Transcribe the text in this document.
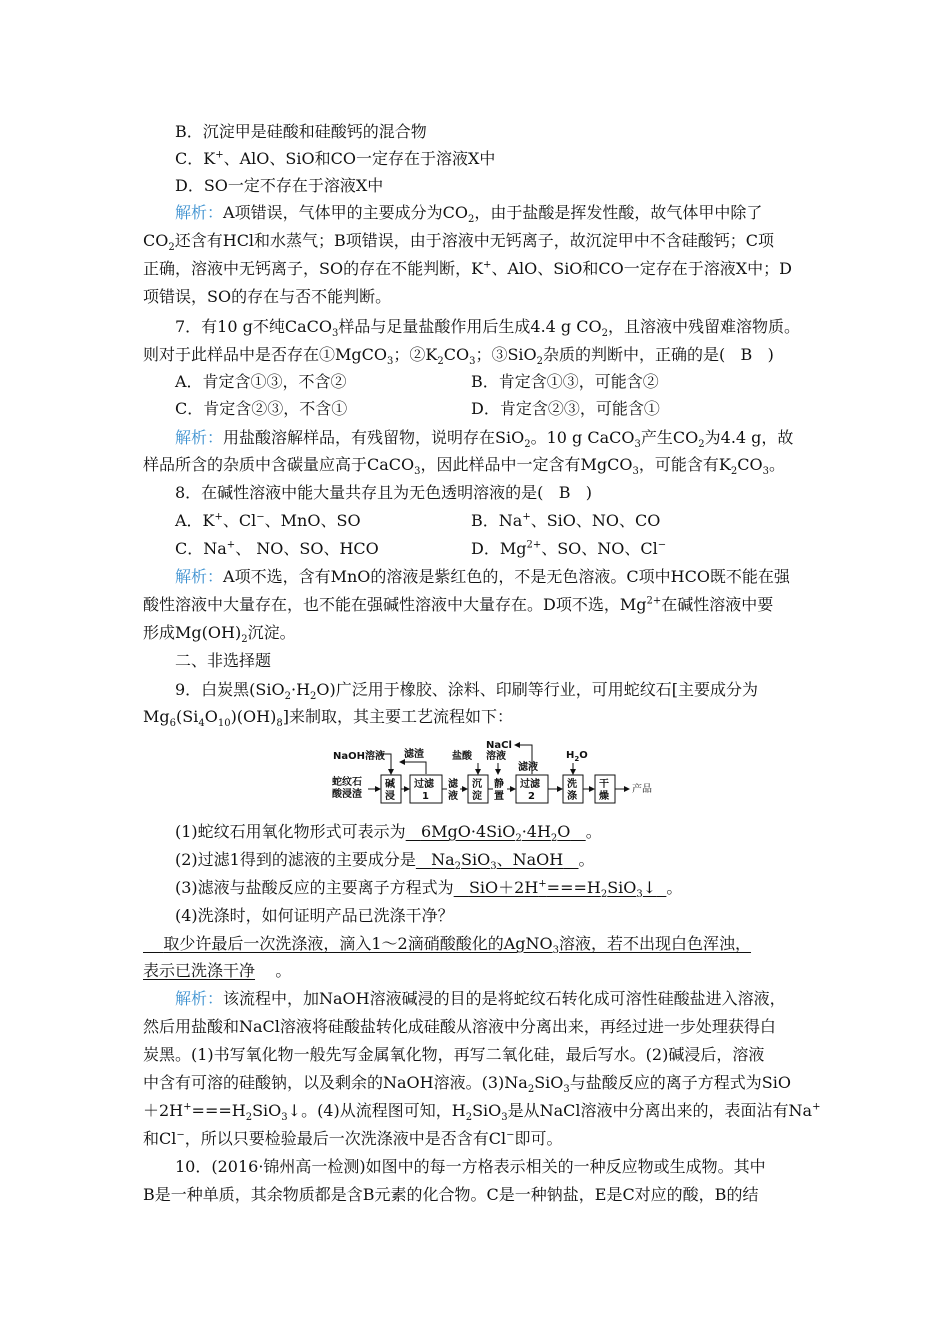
B．沉淀甲是硅酸和硅酸钙的混合物
C．K+、AlO、SiO和CO一定存在于溶液X中
D．SO一定不存在于溶液X中
解析：A项错误，气体甲的主要成分为$CO_2$，由于盐酸是挥发性酸，故气体甲中除了
$CO_2$还含有HCl和水蒸气；B项错误，由于溶液中无钙离子，故沉淀甲中不含硅酸钙；C项
正确，溶液中无钙离子，SO的存在不能判断，K+、AlO、SiO和CO一定存在于溶液X中；D
项错误，SO的存在与否不能判断。
7．有10 g不纯CaCO$_3$样品与足量盐酸作用后生成4.4 g $CO_2$，且溶液中残留难溶物质。
则对于此样品中是否存在①MgCO$_3$；$②K_2CO_3$；③SiO$_2$杂质的判断中，正确的是( B )
A．肯定含①③，不含②	B．肯定含①③，可能含②
C．肯定含②③，不含①	D．肯定含②③，可能含①
解析：用盐酸溶解样品，有残留物，说明存在SiO$_2$。10 g CaCO$_3$产生$CO_2$为4.4 g，故
样品所含的杂质中含碳量应高于CaCO$_3$，因此样品中一定含有MgCO$_3$，可能含有$K_2CO_3$。
8．在碱性溶液中能大量共存且为无色透明溶液的是( B )
A．K+、Cl−、MnO、SO	B．Na+、SiO、NO、CO
C．Na+、 NO、SO、HCO	D．$Mg^{2+}$、SO、NO、Cl−
解析：A项不选，含有MnO的溶液是紫红色的，不是无色溶液。C项中HCO既不能在强
酸性溶液中大量存在，也不能在强碱性溶液中大量存在。D项不选，$Mg^{2+}$在碱性溶液中要
形成$Mg(OH)_2$沉淀。
二、非选择题
9．白炭黑$(SiO_2\cdot H_2O)$广泛用于橡胶、涂料、印刷等行业，可用蛇纹石[主要成分为
$Mg_6(Si_4O_{10})(OH)_8$]来制取，其主要工艺流程如下：
NaOH溶液 滤渣	盐酸
NaCl
溶液
滤液
$H_2O$
蛇纹石
酸浸渣
碱
浸
过滤
1
滤
液
沉
淀
静
置
过滤
2
洗
涤
干
燥
产品
(1)蛇纹石用氧化物形式可表示为 $6MgO\cdot 4SiO_2\cdot 4H_2O$ 。
(2)过滤1得到的滤液的主要成分是 $Na_2SiO_3$、NaOH 。
(3)滤液与盐酸反应的主要离子方程式为 $SiO+2H^+===H_2SiO_3↓$ 。
(4)洗涤时，如何证明产品已洗涤干净？
取少许最后一次洗涤液，滴入1～2滴硝酸酸化的AgNO$_3$溶液，若不出现白色浑浊，
表示已洗涤干净 。
解析：该流程中，加NaOH溶液碱浸的目的是将蛇纹石转化成可溶性硅酸盐进入溶液，
然后用盐酸和NaCl溶液将硅酸盐转化成硅酸从溶液中分离出来，再经过进一步处理获得白
炭黑。(1)书写氧化物一般先写金属氧化物，再写二氧化硅，最后写水。(2)碱浸后，溶液
中含有可溶的硅酸钠，以及剩余的NaOH溶液。$(3)Na_2SiO_3$与盐酸反应的离子方程式为SiO
$+2H^+===H_2SiO_3↓$。(4)从流程图可知，$H_2SiO_3$是从NaCl溶液中分离出来的，表面沾有Na+
和Cl−，所以只要检验最后一次洗涤液中是否含有Cl−即可。
10．(2016·锦州高一检测)如图中的每一方格表示相关的一种反应物或生成物。其中
B是一种单质，其余物质都是含B元素的化合物。C是一种钠盐，E是C对应的酸，B的结
